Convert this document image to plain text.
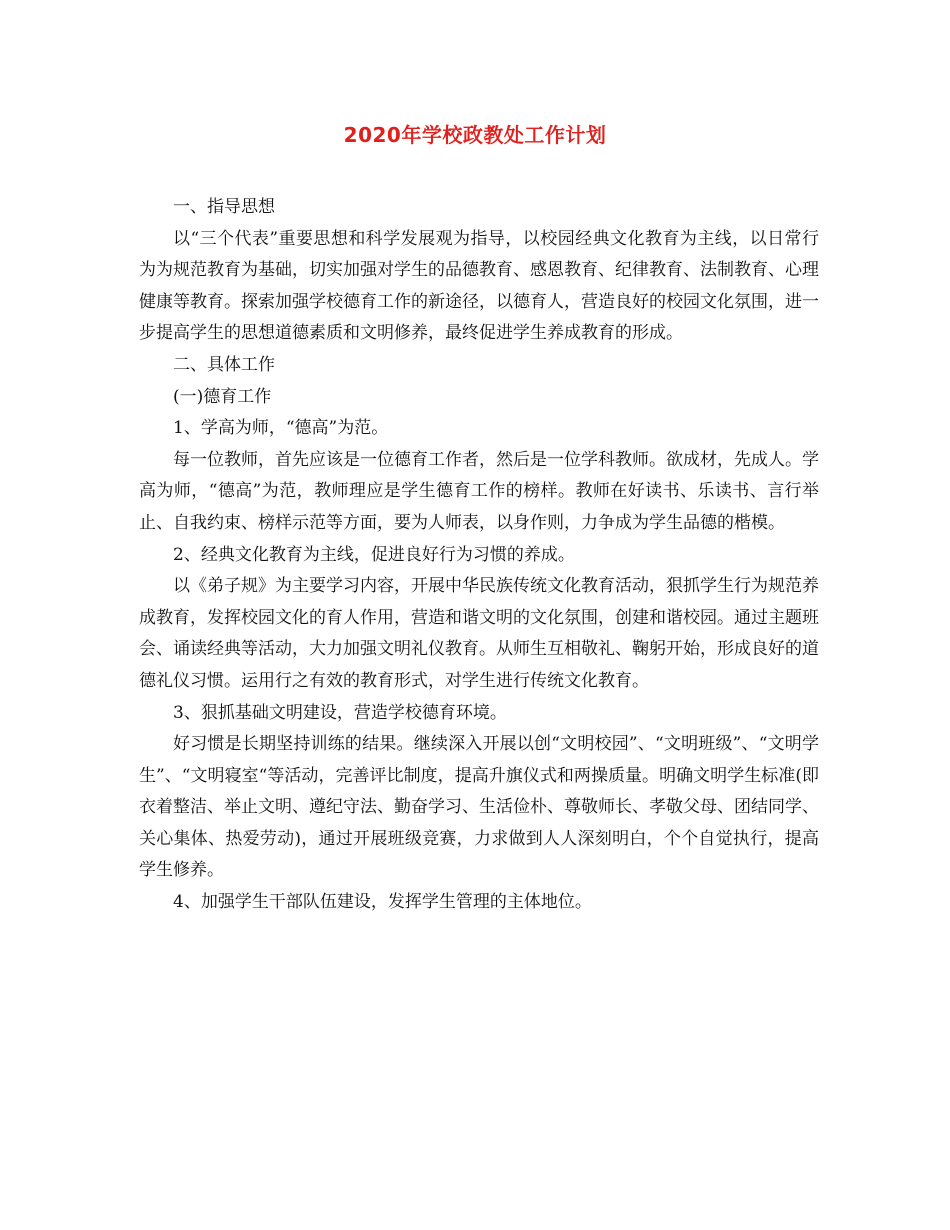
2020年学校政教处工作计划

一、指导思想

以“三个代表”重要思想和科学发展观为指导，以校园经典文化教育为主线，以日常行为为规范教育为基础，切实加强对学生的品德教育、感恩教育、纪律教育、法制教育、心理健康等教育。探索加强学校德育工作的新途径，以德育人，营造良好的校园文化氛围，进一步提高学生的思想道德素质和文明修养，最终促进学生养成教育的形成。

二、具体工作

(一)德育工作

1、学高为师，“德高”为范。

每一位教师，首先应该是一位德育工作者，然后是一位学科教师。欲成材，先成人。学高为师，“德高”为范，教师理应是学生德育工作的榜样。教师在好读书、乐读书、言行举止、自我约束、榜样示范等方面，要为人师表，以身作则，力争成为学生品德的楷模。

2、经典文化教育为主线，促进良好行为习惯的养成。

以《弟子规》为主要学习内容，开展中华民族传统文化教育活动，狠抓学生行为规范养成教育，发挥校园文化的育人作用，营造和谐文明的文化氛围，创建和谐校园。通过主题班会、诵读经典等活动，大力加强文明礼仪教育。从师生互相敬礼、鞠躬开始，形成良好的道德礼仪习惯。运用行之有效的教育形式，对学生进行传统文化教育。

3、狠抓基础文明建设，营造学校德育环境。

好习惯是长期坚持训练的结果。继续深入开展以创“文明校园”、“文明班级”、“文明学生”、“文明寝室“等活动，完善评比制度，提高升旗仪式和两操质量。明确文明学生标准(即衣着整洁、举止文明、遵纪守法、勤奋学习、生活俭朴、尊敬师长、孝敬父母、团结同学、关心集体、热爱劳动)，通过开展班级竞赛，力求做到人人深刻明白，个个自觉执行，提高学生修养。

4、加强学生干部队伍建设，发挥学生管理的主体地位。
